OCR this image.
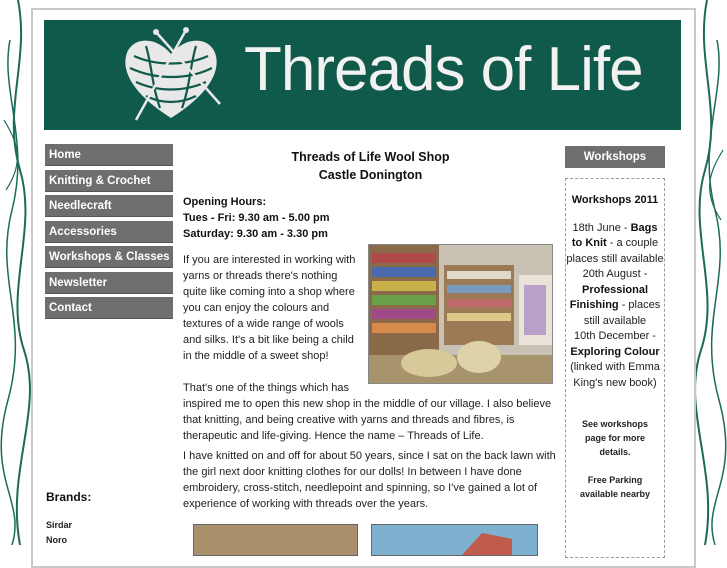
Threads of Life
Home
Knitting & Crochet
Needlecraft
Accessories
Workshops & Classes
Newsletter
Contact
Brands:
Sirdar
Noro
Threads of Life Wool Shop
Castle Donington
Opening Hours:
Tues - Fri: 9.30 am - 5.00 pm
Saturday: 9.30 am - 3.30 pm
If you are interested in working with
yarns or threads there's nothing
quite like coming into a shop where
you can enjoy the colours and
textures of a wide range of wools
and silks. It's a bit like being a child
in the middle of a sweet shop!
That's one of the things which has
inspired me to open this new shop in the middle of our village. I also believe
that knitting, and being creative with yarns and threads and fibres, is
therapeutic and life-giving. Hence the name – Threads of Life.
I have knitted on and off for about 50 years, since I sat on the back lawn with
the girl next door knitting clothes for our dolls! In between I have done
embroidery, cross-stitch, needlepoint and spinning, so I've gained a lot of
experience of working with threads over the years.
Workshops
Workshops 2011
18th June - Bags to Knit - a couple places still available
20th August - Professional Finishing - places still available
10th December - Exploring Colour (linked with Emma King's new book)
See workshops page for more details.
Free Parking available nearby
